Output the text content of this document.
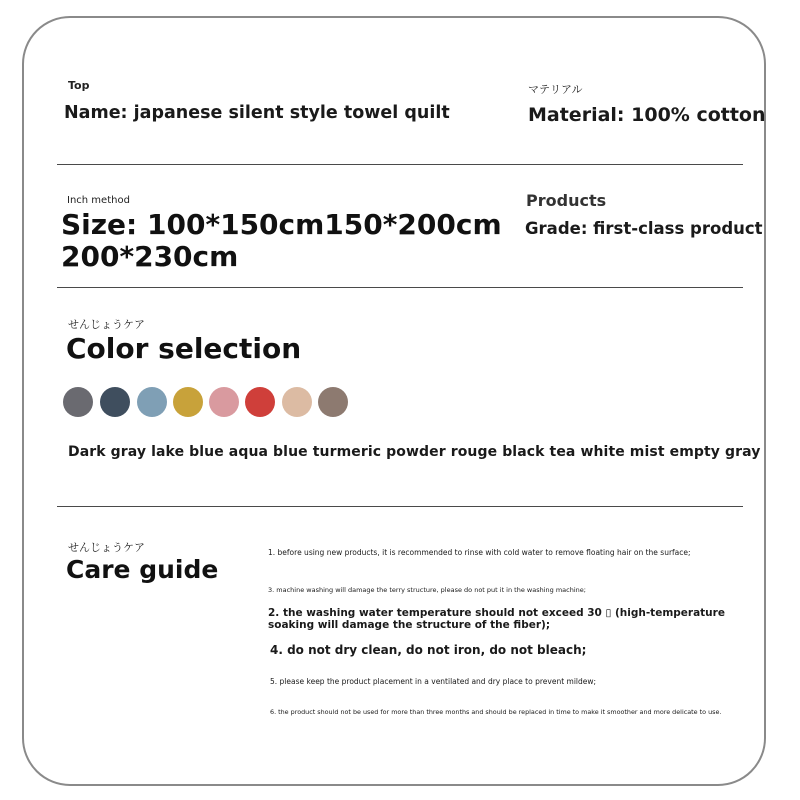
Top
Name: japanese silent style towel quilt
マテリアル
Material: 100% cotton
Inch method
Size: 100*150cm150*200cm
200*230cm
Products
Grade: first-class product
せんじょうケア
Color selection
Dark gray lake blue aqua blue turmeric powder rouge black tea white mist empty gray
せんじょうケア
Care guide
1. before using new products, it is recommended to rinse with cold water to remove floating hair on the surface;
3. machine washing will damage the terry structure, please do not put it in the washing machine;
2. the washing water temperature should not exceed 30 ▯ (high-temperature soaking will damage the structure of the fiber);
4. do not dry clean, do not iron, do not bleach;
5. please keep the product placement in a ventilated and dry place to prevent mildew;
6. the product should not be used for more than three months and should be replaced in time to make it smoother and more delicate to use.
